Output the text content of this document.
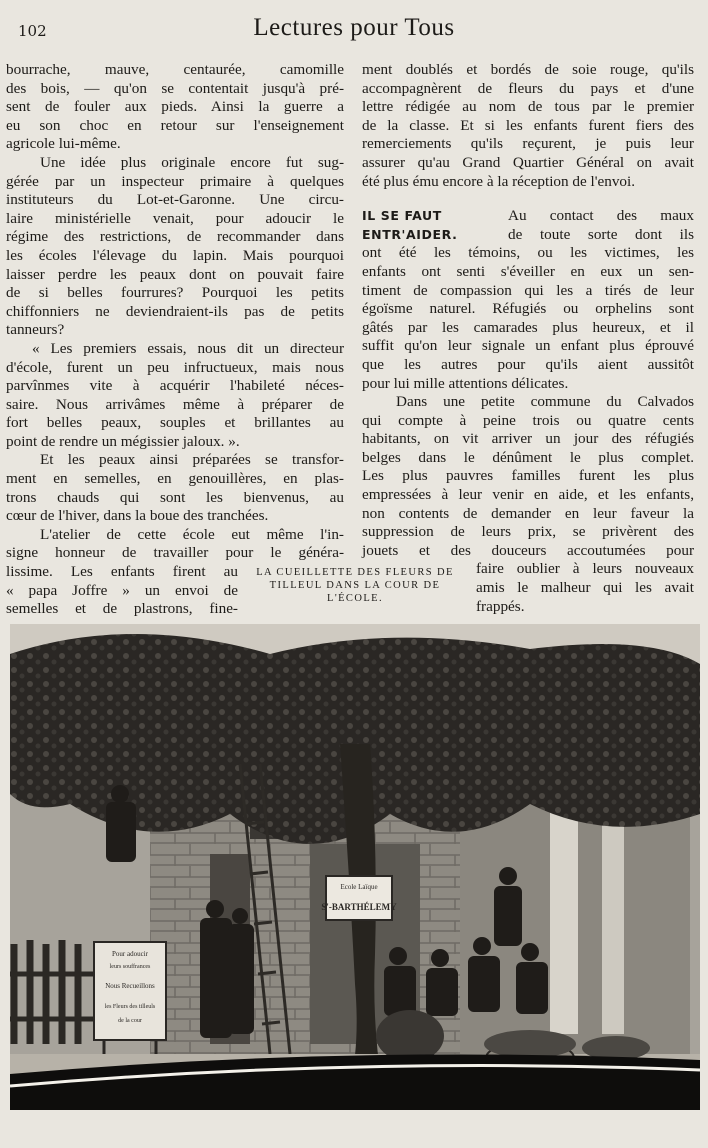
102	Lectures pour Tous

bourrache, mauve, centaurée, camomille
des bois, — qu'on se contentait jusqu'à pré-
sent de fouler aux pieds. Ainsi la guerre a
eu son choc en retour sur l'enseignement
agricole lui-même.

Une idée plus originale encore fut sug-
gérée par un inspecteur primaire à quelques
instituteurs du Lot-et-Garonne. Une circu-
laire ministérielle venait, pour adoucir le
régime des restrictions, de recommander dans
les écoles l'élevage du lapin. Mais pourquoi
laisser perdre les peaux dont on pouvait faire
de si belles fourrures? Pourquoi les petits
chiffonniers ne deviendraient-ils pas de petits
tanneurs?

« Les premiers essais, nous dit un directeur
d'école, furent un peu infructueux, mais nous
parvînmes vite à acquérir l'habileté néces-
saire. Nous arrivâmes même à préparer de
fort belles peaux, souples et brillantes au
point de rendre un mégissier jaloux. ».

Et les peaux ainsi préparées se transfor-
ment en semelles, en genouillères, en plas-
trons chauds qui sont les bienvenus, au
cœur de l'hiver, dans la boue des tranchées.

L'atelier de cette école eut même l'in-
signe honneur de travailler pour le généra-
lissime. Les enfants firent au
« papa Joffre » un envoi de
semelles et de plastrons, fine-

ment doublés et bordés de soie rouge, qu'ils
accompagnèrent de fleurs du pays et d'une
lettre rédigée au nom de tous par le premier
de la classe. Et si les enfants furent fiers des
remerciements qu'ils reçurent, je puis leur
assurer qu'au Grand Quartier Général on avait
été plus ému encore à la réception de l'envoi.

IL SE FAUT	Au contact des maux
ENTR'AIDER.	de toute sorte dont ils

ont été les témoins, ou les victimes, les
enfants ont senti s'éveiller en eux un sen-
timent de compassion qui les a tirés de leur
égoïsme naturel. Réfugiés ou orphelins sont
gâtés par les camarades plus heureux, et il
suffit qu'on leur signale un enfant plus éprouvé
que les autres pour qu'ils aient aussitôt
pour lui mille attentions délicates.

Dans une petite commune du Calvados
qui compte à peine trois ou quatre cents
habitants, on vit arriver un jour des réfugiés
belges dans le dénûment le plus complet.
Les plus pauvres familles furent les plus
empressées à leur venir en aide, et les enfants,
non contents de demander en leur faveur la
suppression de leurs prix, se privèrent des
jouets et des douceurs accoutumées pour
faire oublier à leurs nouveaux
amis le malheur qui les avait
frappés.

LA CUEILLETTE DES FLEURS DE TILLEUL DANS LA COUR DE L'ÉCOLE.
Pour adoucir
leurs souffrances
Nous Recueillons
les Fleurs des tilleuls
de la cour
Ecole Laïque
S'-BARTHÉLEMY
